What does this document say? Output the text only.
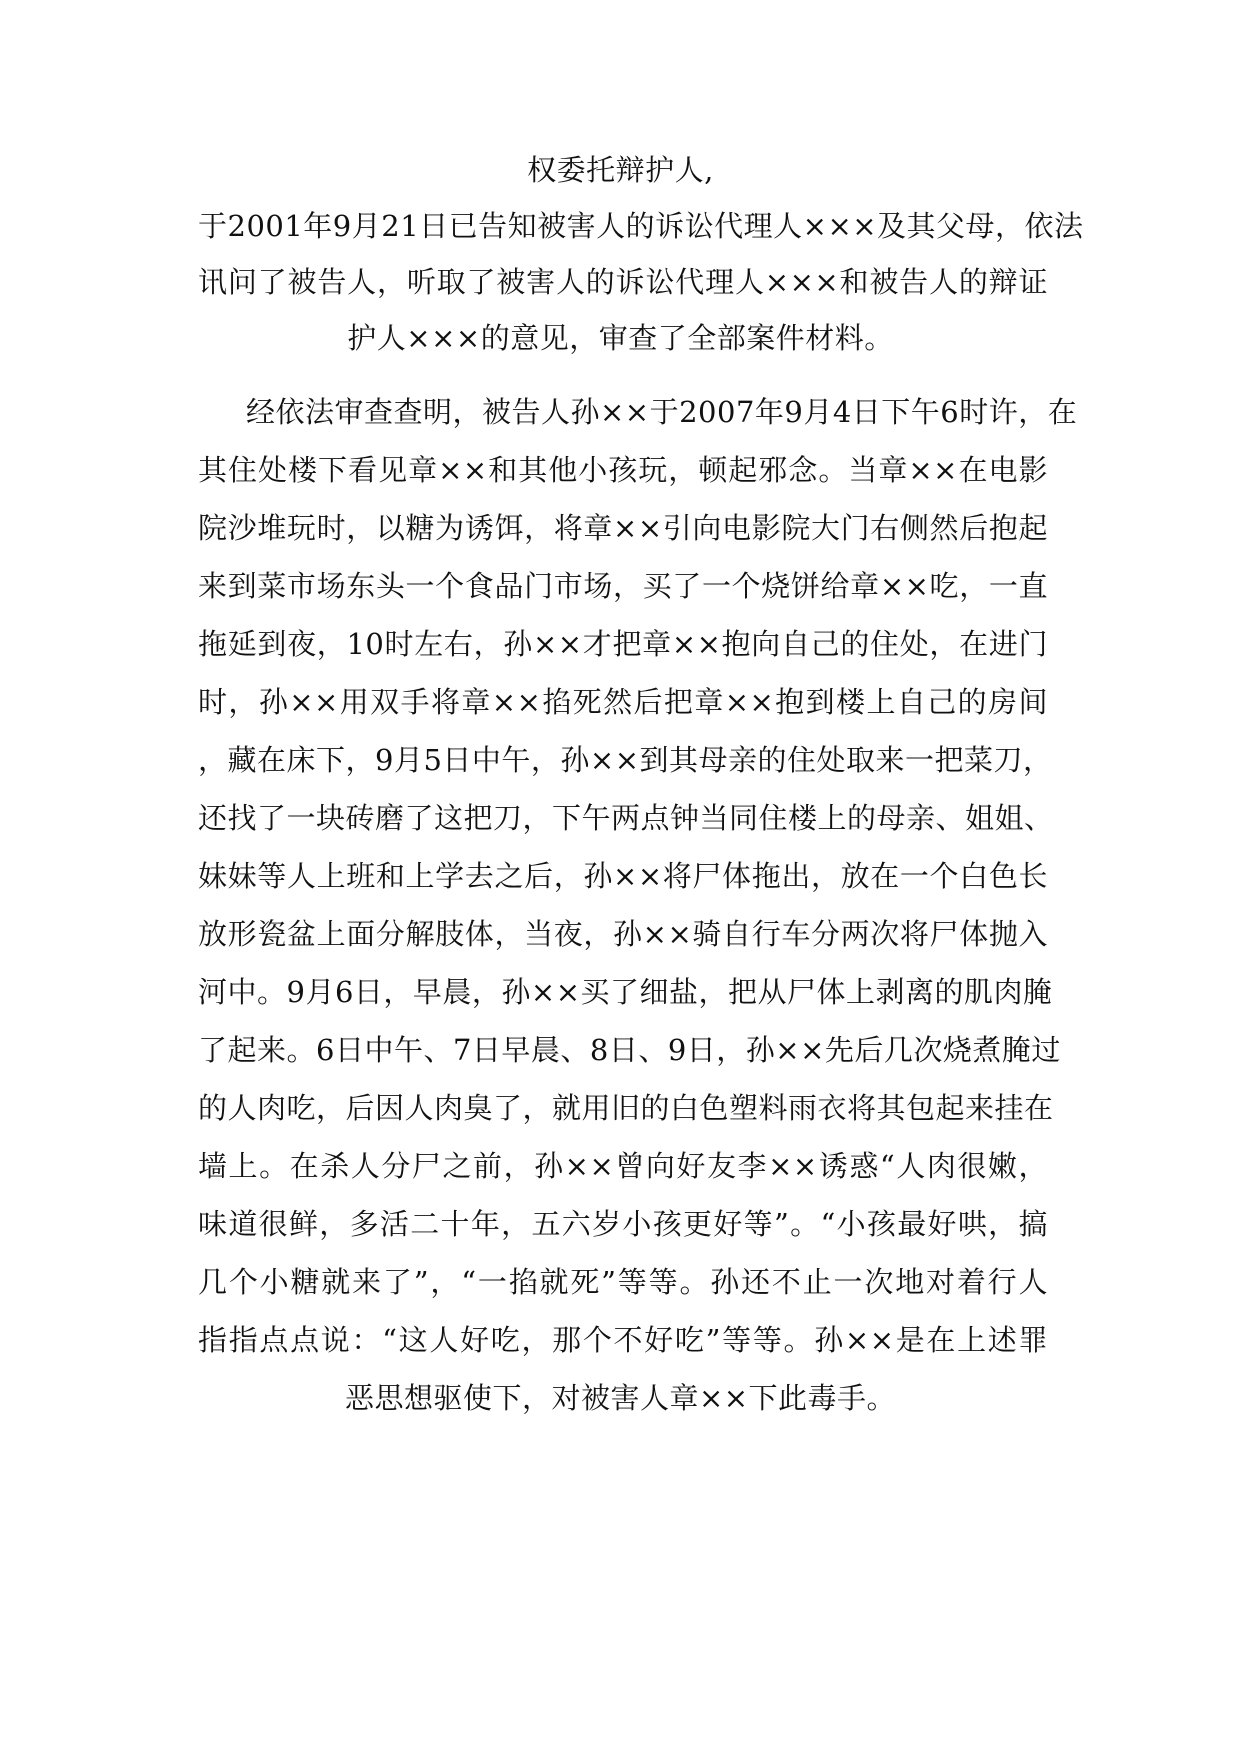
权委托辩护人,
于2001年9月21日已告知被害人的诉讼代理人×××及其父母，依法
讯问了被告人，听取了被害人的诉讼代理人×××和被告人的辩证
护人×××的意见，审查了全部案件材料。
经依法审查查明，被告人孙××于2007年9月4日下午6时许，在
其住处楼下看见章××和其他小孩玩，顿起邪念。当章××在电影
院沙堆玩时，以糖为诱饵，将章××引向电影院大门右侧然后抱起
来到菜市场东头一个食品门市场，买了一个烧饼给章××吃，一直
拖延到夜，10时左右，孙××才把章××抱向自己的住处，在进门
时，孙××用双手将章××掐死然后把章××抱到楼上自己的房间
，藏在床下，9月5日中午，孙××到其母亲的住处取来一把菜刀，
还找了一块砖磨了这把刀，下午两点钟当同住楼上的母亲、姐姐、
妹妹等人上班和上学去之后，孙××将尸体拖出，放在一个白色长
放形瓷盆上面分解肢体，当夜，孙××骑自行车分两次将尸体抛入
河中。9月6日，早晨，孙××买了细盐，把从尸体上剥离的肌肉腌
了起来。6日中午、7日早晨、8日、9日，孙××先后几次烧煮腌过
的人肉吃，后因人肉臭了，就用旧的白色塑料雨衣将其包起来挂在
墙上。在杀人分尸之前，孙××曾向好友李××诱惑“人肉很嫩，
味道很鲜，多活二十年，五六岁小孩更好等”。“小孩最好哄，搞
几个小糖就来了”，“一掐就死”等等。孙还不止一次地对着行人
指指点点说：“这人好吃，那个不好吃”等等。孙××是在上述罪
恶思想驱使下，对被害人章××下此毒手。
